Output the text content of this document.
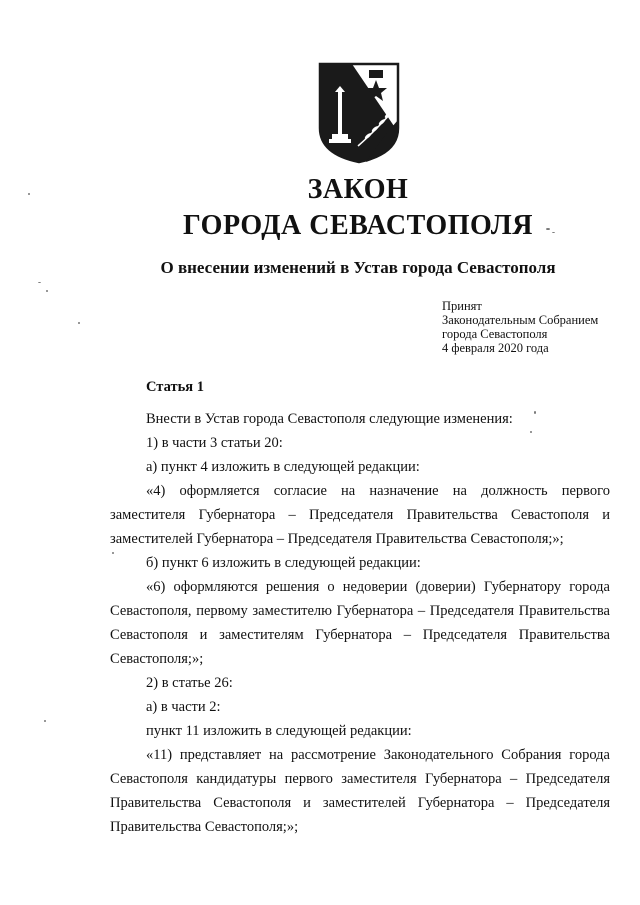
ЗАКОН
ГОРОДА СЕВАСТОПОЛЯ
О внесении изменений в Устав города Севастополя
Принят
Законодательным Собранием
города Севастополя
4 февраля 2020 года
Статья 1

Внести в Устав города Севастополя следующие изменения:

1) в части 3 статьи 20:

а) пункт 4 изложить в следующей редакции:

«4) оформляется согласие на назначение на должность первого заместителя Губернатора – Председателя Правительства Севастополя и заместителей Губернатора – Председателя Правительства Севастополя;»;

б) пункт 6 изложить в следующей редакции:

«6) оформляются решения о недоверии (доверии) Губернатору города Севастополя, первому заместителю Губернатора – Председателя Правительства Севастополя и заместителям Губернатора – Председателя Правительства Севастополя;»;

2) в статье 26:

а) в части 2:

пункт 11 изложить в следующей редакции:

«11) представляет на рассмотрение Законодательного Собрания города Севастополя кандидатуры первого заместителя Губернатора – Председателя Правительства Севастополя и заместителей Губернатора – Председателя Правительства Севастополя;»;
